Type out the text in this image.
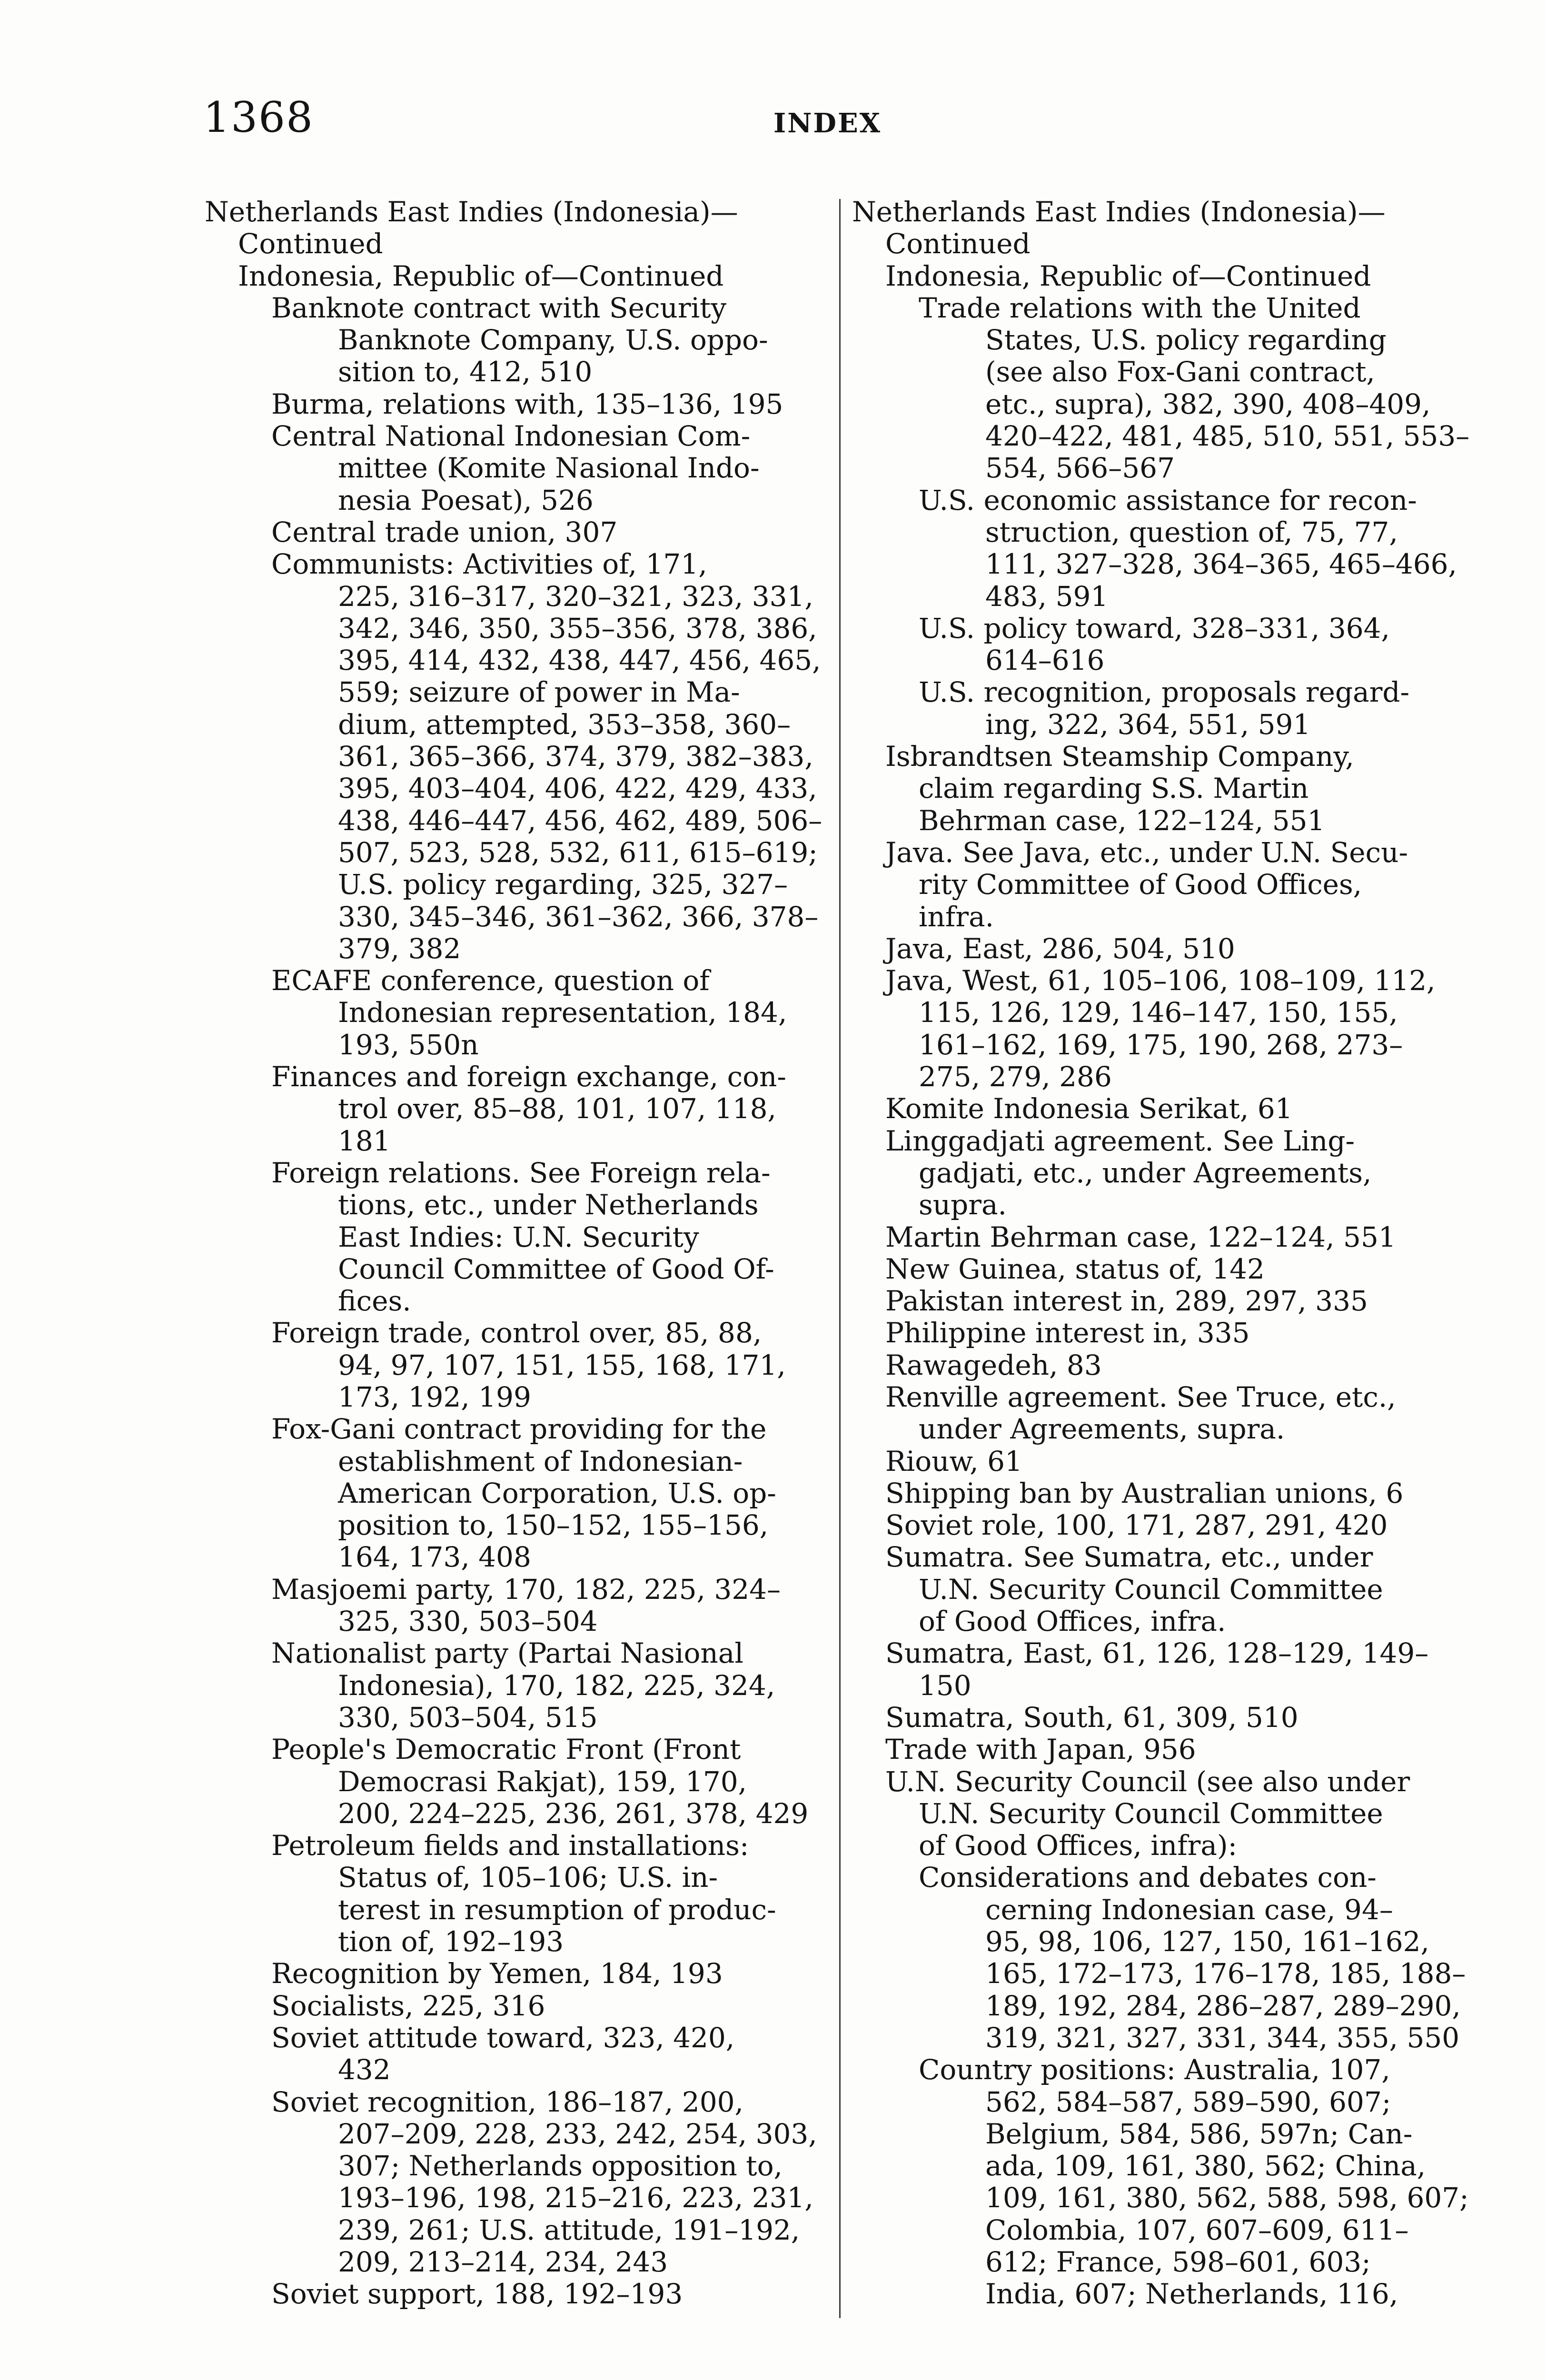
1368	INDEX
Netherlands East Indies (Indonesia)—
Continued
Indonesia, Republic of—Continued
Banknote contract with Security
Banknote Company, U.S. oppo-
sition to, 412, 510
Burma, relations with, 135–136, 195
Central National Indonesian Com-
mittee (Komite Nasional Indo-
nesia Poesat), 526
Central trade union, 307
Communists: Activities of, 171,
225, 316–317, 320–321, 323, 331,
342, 346, 350, 355–356, 378, 386,
395, 414, 432, 438, 447, 456, 465,
559; seizure of power in Ma-
dium, attempted, 353–358, 360–
361, 365–366, 374, 379, 382–383,
395, 403–404, 406, 422, 429, 433,
438, 446–447, 456, 462, 489, 506–
507, 523, 528, 532, 611, 615–619;
U.S. policy regarding, 325, 327–
330, 345–346, 361–362, 366, 378–
379, 382
ECAFE conference, question of
Indonesian representation, 184,
193, 550n
Finances and foreign exchange, con-
trol over, 85–88, 101, 107, 118,
181
Foreign relations. See Foreign rela-
tions, etc., under Netherlands
East Indies: U.N. Security
Council Committee of Good Of-
fices.
Foreign trade, control over, 85, 88,
94, 97, 107, 151, 155, 168, 171,
173, 192, 199
Fox-Gani contract providing for the
establishment of Indonesian-
American Corporation, U.S. op-
position to, 150–152, 155–156,
164, 173, 408
Masjoemi party, 170, 182, 225, 324–
325, 330, 503–504
Nationalist party (Partai Nasional
Indonesia), 170, 182, 225, 324,
330, 503–504, 515
People's Democratic Front (Front
Democrasi Rakjat), 159, 170,
200, 224–225, 236, 261, 378, 429
Petroleum fields and installations:
Status of, 105–106; U.S. in-
terest in resumption of produc-
tion of, 192–193
Recognition by Yemen, 184, 193
Socialists, 225, 316
Soviet attitude toward, 323, 420,
432
Soviet recognition, 186–187, 200,
207–209, 228, 233, 242, 254, 303,
307; Netherlands opposition to,
193–196, 198, 215–216, 223, 231,
239, 261; U.S. attitude, 191–192,
209, 213–214, 234, 243
Soviet support, 188, 192–193
Netherlands East Indies (Indonesia)—
Continued
Indonesia, Republic of—Continued
Trade relations with the United
States, U.S. policy regarding
(see also Fox-Gani contract,
etc., supra), 382, 390, 408–409,
420–422, 481, 485, 510, 551, 553–
554, 566–567
U.S. economic assistance for recon-
struction, question of, 75, 77,
111, 327–328, 364–365, 465–466,
483, 591
U.S. policy toward, 328–331, 364,
614–616
U.S. recognition, proposals regard-
ing, 322, 364, 551, 591
Isbrandtsen Steamship Company,
claim regarding S.S. Martin
Behrman case, 122–124, 551
Java. See Java, etc., under U.N. Secu-
rity Committee of Good Offices,
infra.
Java, East, 286, 504, 510
Java, West, 61, 105–106, 108–109, 112,
115, 126, 129, 146–147, 150, 155,
161–162, 169, 175, 190, 268, 273–
275, 279, 286
Komite Indonesia Serikat, 61
Linggadjati agreement. See Ling-
gadjati, etc., under Agreements,
supra.
Martin Behrman case, 122–124, 551
New Guinea, status of, 142
Pakistan interest in, 289, 297, 335
Philippine interest in, 335
Rawagedeh, 83
Renville agreement. See Truce, etc.,
under Agreements, supra.
Riouw, 61
Shipping ban by Australian unions, 6
Soviet role, 100, 171, 287, 291, 420
Sumatra. See Sumatra, etc., under
U.N. Security Council Committee
of Good Offices, infra.
Sumatra, East, 61, 126, 128–129, 149–
150
Sumatra, South, 61, 309, 510
Trade with Japan, 956
U.N. Security Council (see also under
U.N. Security Council Committee
of Good Offices, infra):
Considerations and debates con-
cerning Indonesian case, 94–
95, 98, 106, 127, 150, 161–162,
165, 172–173, 176–178, 185, 188–
189, 192, 284, 286–287, 289–290,
319, 321, 327, 331, 344, 355, 550
Country positions: Australia, 107,
562, 584–587, 589–590, 607;
Belgium, 584, 586, 597n; Can-
ada, 109, 161, 380, 562; China,
109, 161, 380, 562, 588, 598, 607;
Colombia, 107, 607–609, 611–
612; France, 598–601, 603;
India, 607; Netherlands, 116,
